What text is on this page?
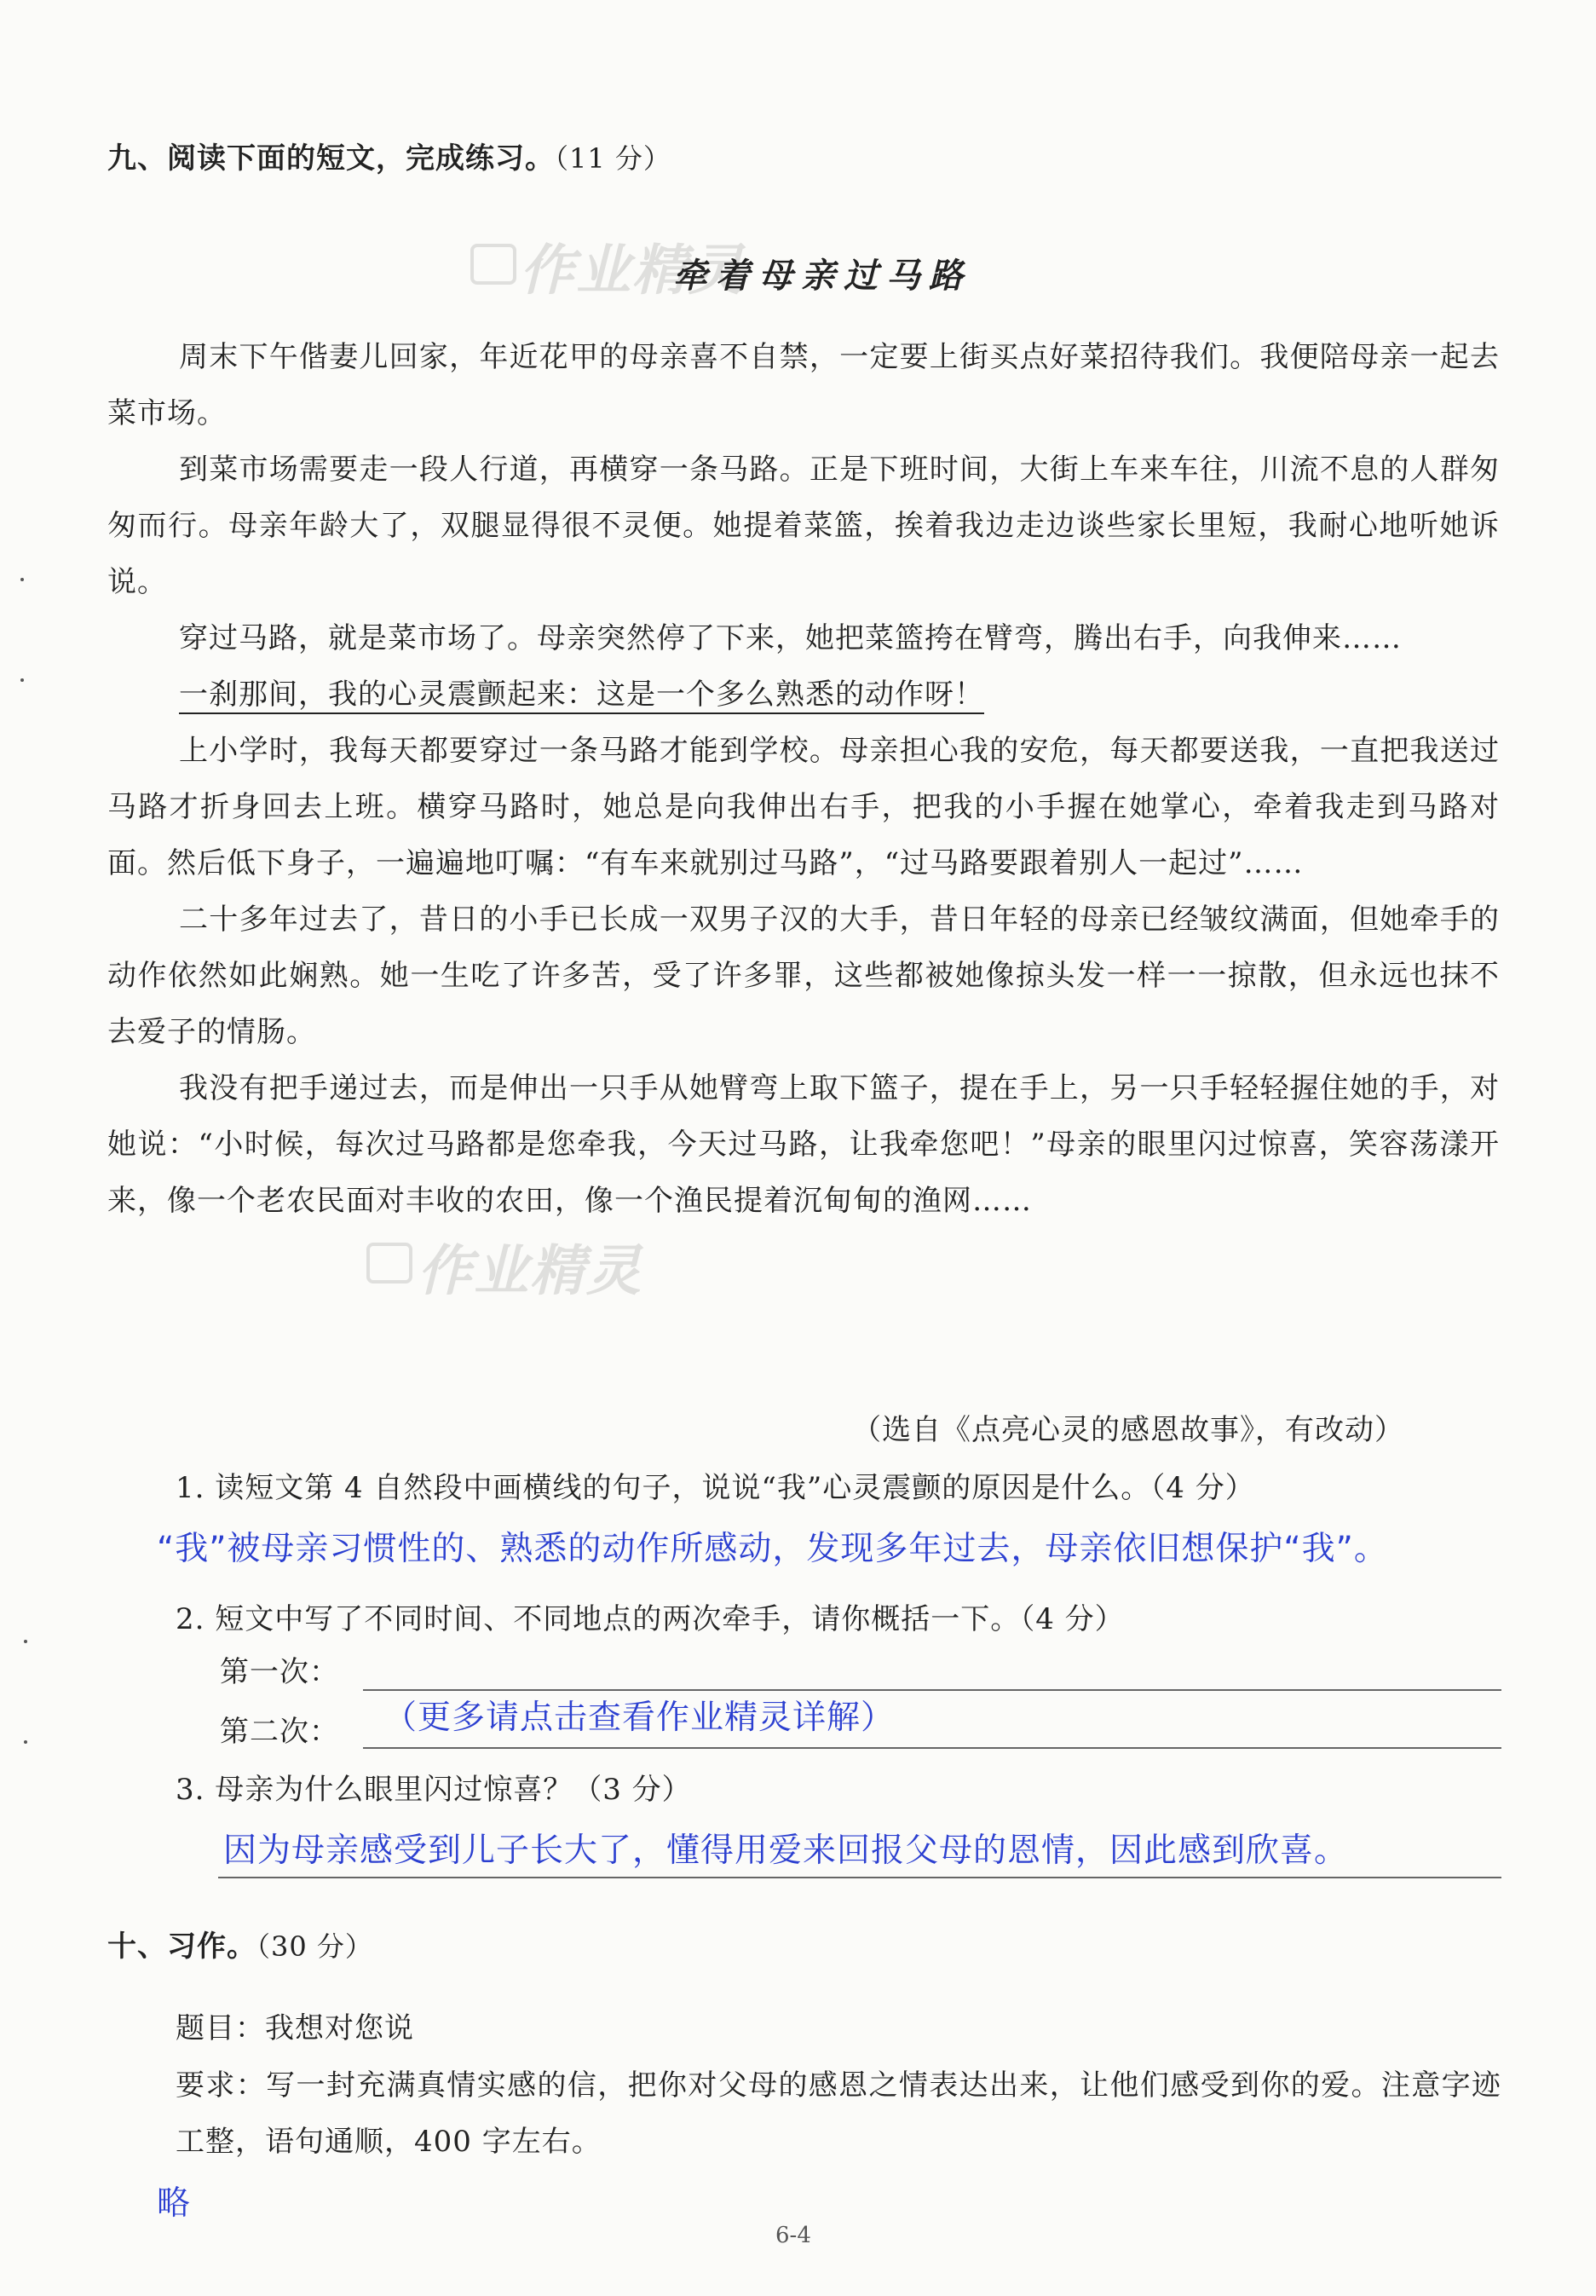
九、阅读下面的短文，完成练习。（11 分）
作业精灵
牵着母亲过马路

周末下午偕妻儿回家，年近花甲的母亲喜不自禁，一定要上街买点好菜招待我们。我便陪母亲一起去菜市场。

到菜市场需要走一段人行道，再横穿一条马路。正是下班时间，大街上车来车往，川流不息的人群匆匆而行。母亲年龄大了，双腿显得很不灵便。她提着菜篮，挨着我边走边谈些家长里短，我耐心地听她诉说。

穿过马路，就是菜市场了。母亲突然停了下来，她把菜篮挎在臂弯，腾出右手，向我伸来……

一刹那间，我的心灵震颤起来：这是一个多么熟悉的动作呀！

上小学时，我每天都要穿过一条马路才能到学校。母亲担心我的安危，每天都要送我，一直把我送过马路才折身回去上班。横穿马路时，她总是向我伸出右手，把我的小手握在她掌心，牵着我走到马路对面。然后低下身子，一遍遍地叮嘱：“有车来就别过马路”，“过马路要跟着别人一起过”……

二十多年过去了，昔日的小手已长成一双男子汉的大手，昔日年轻的母亲已经皱纹满面，但她牵手的动作依然如此娴熟。她一生吃了许多苦，受了许多罪，这些都被她像掠头发一样一一掠散，但永远也抹不去爱子的情肠。

我没有把手递过去，而是伸出一只手从她臂弯上取下篮子，提在手上，另一只手轻轻握住她的手，对她说：“小时候，每次过马路都是您牵我，今天过马路，让我牵您吧！”母亲的眼里闪过惊喜，笑容荡漾开来，像一个老农民面对丰收的农田，像一个渔民提着沉甸甸的渔网……

作业精灵
（选自《点亮心灵的感恩故事》，有改动）
1. 读短文第 4 自然段中画横线的句子，说说“我”心灵震颤的原因是什么。（4 分）
“我”被母亲习惯性的、熟悉的动作所感动，发现多年过去，母亲依旧想保护“我”。
2. 短文中写了不同时间、不同地点的两次牵手，请你概括一下。（4 分）
第一次：
第二次： （更多请点击查看作业精灵详解）
3. 母亲为什么眼里闪过惊喜？（3 分）
因为母亲感受到儿子长大了，懂得用爱来回报父母的恩情，因此感到欣喜。
十、习作。（30 分）
题目：我想对您说

要求：写一封充满真情实感的信，把你对父母的感恩之情表达出来，让他们感受到你的爱。注意字迹工整，语句通顺，400 字左右。

略
6-4
